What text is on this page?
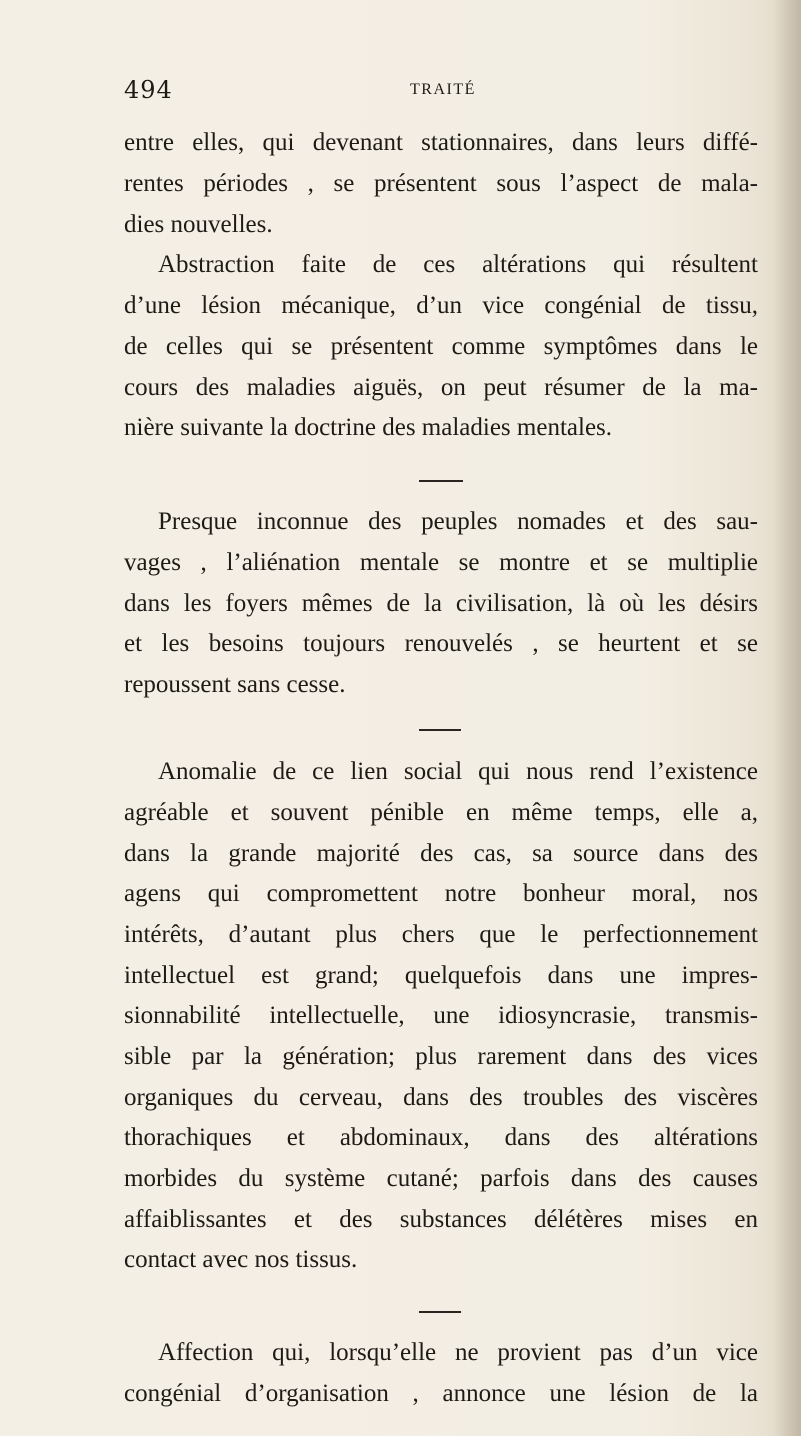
494	TRAITÉ
entre elles, qui devenant stationnaires, dans leurs diffé-
rentes périodes , se présentent sous l’aspect de mala-
dies nouvelles.
Abstraction faite de ces altérations qui résultent
d’une lésion mécanique, d’un vice congénial de tissu,
de celles qui se présentent comme symptômes dans le
cours des maladies aiguës, on peut résumer de la ma-
nière suivante la doctrine des maladies mentales.
Presque inconnue des peuples nomades et des sau-
vages , l’aliénation mentale se montre et se multiplie
dans les foyers mêmes de la civilisation, là où les désirs
et les besoins toujours renouvelés , se heurtent et se
repoussent sans cesse.
Anomalie de ce lien social qui nous rend l’existence
agréable et souvent pénible en même temps, elle a,
dans la grande majorité des cas, sa source dans des
agens qui compromettent notre bonheur moral, nos
intérêts, d’autant plus chers que le perfectionnement
intellectuel est grand; quelquefois dans une impres-
sionnabilité intellectuelle, une idiosyncrasie, transmis-
sible par la génération; plus rarement dans des vices
organiques du cerveau, dans des troubles des viscères
thorachiques et abdominaux, dans des altérations
morbides du système cutané; parfois dans des causes
affaiblissantes et des substances délétères mises en
contact avec nos tissus.
Affection qui, lorsqu’elle ne provient pas d’un vice
congénial d’organisation , annonce une lésion de la
